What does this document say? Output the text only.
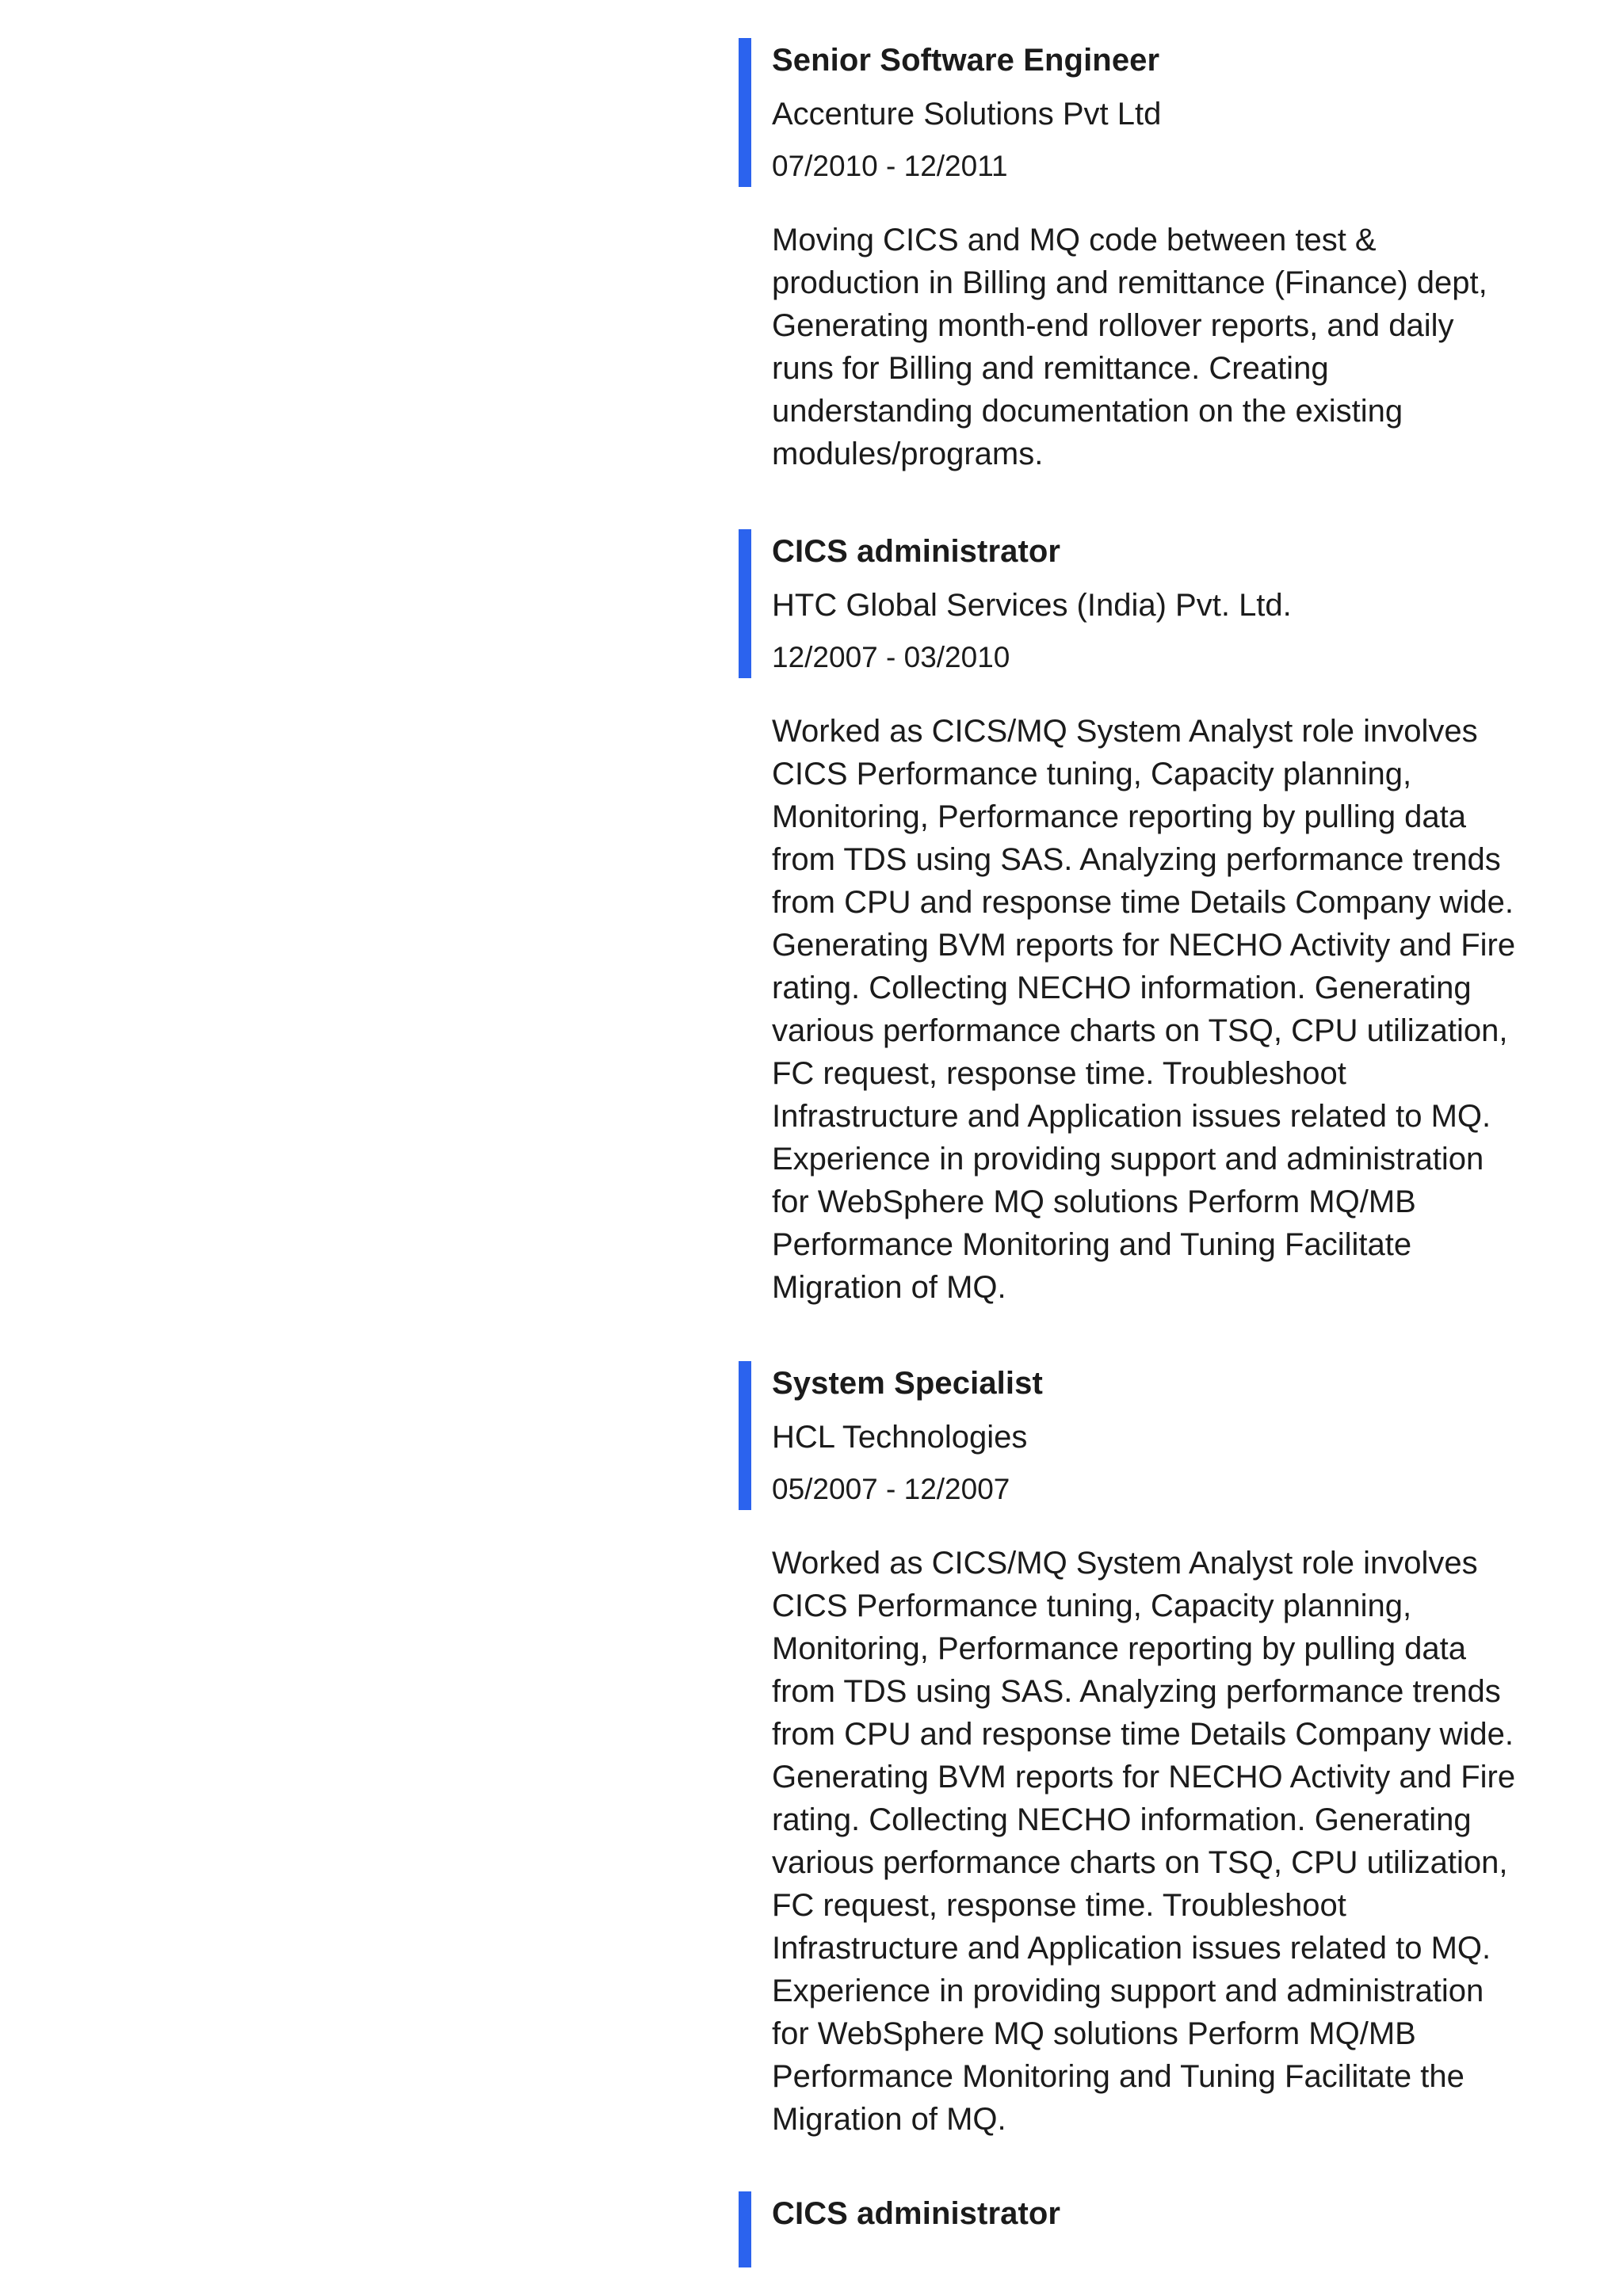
Senior Software Engineer
Accenture Solutions Pvt Ltd
07/2010 - 12/2011
Moving CICS and MQ code between test &
production in Billing and remittance (Finance) dept,
Generating month-end rollover reports, and daily
runs for Billing and remittance. Creating
understanding documentation on the existing
modules/programs.
CICS administrator
HTC Global Services (India) Pvt. Ltd.
12/2007 - 03/2010
Worked as CICS/MQ System Analyst role involves
CICS Performance tuning, Capacity planning,
Monitoring, Performance reporting by pulling data
from TDS using SAS. Analyzing performance trends
from CPU and response time Details Company wide.
Generating BVM reports for NECHO Activity and Fire
rating. Collecting NECHO information. Generating
various performance charts on TSQ, CPU utilization,
FC request, response time. Troubleshoot
Infrastructure and Application issues related to MQ.
Experience in providing support and administration
for WebSphere MQ solutions Perform MQ/MB
Performance Monitoring and Tuning Facilitate
Migration of MQ.
System Specialist
HCL Technologies
05/2007 - 12/2007
Worked as CICS/MQ System Analyst role involves
CICS Performance tuning, Capacity planning,
Monitoring, Performance reporting by pulling data
from TDS using SAS. Analyzing performance trends
from CPU and response time Details Company wide.
Generating BVM reports for NECHO Activity and Fire
rating. Collecting NECHO information. Generating
various performance charts on TSQ, CPU utilization,
FC request, response time. Troubleshoot
Infrastructure and Application issues related to MQ.
Experience in providing support and administration
for WebSphere MQ solutions Perform MQ/MB
Performance Monitoring and Tuning Facilitate the
Migration of MQ.
CICS administrator
